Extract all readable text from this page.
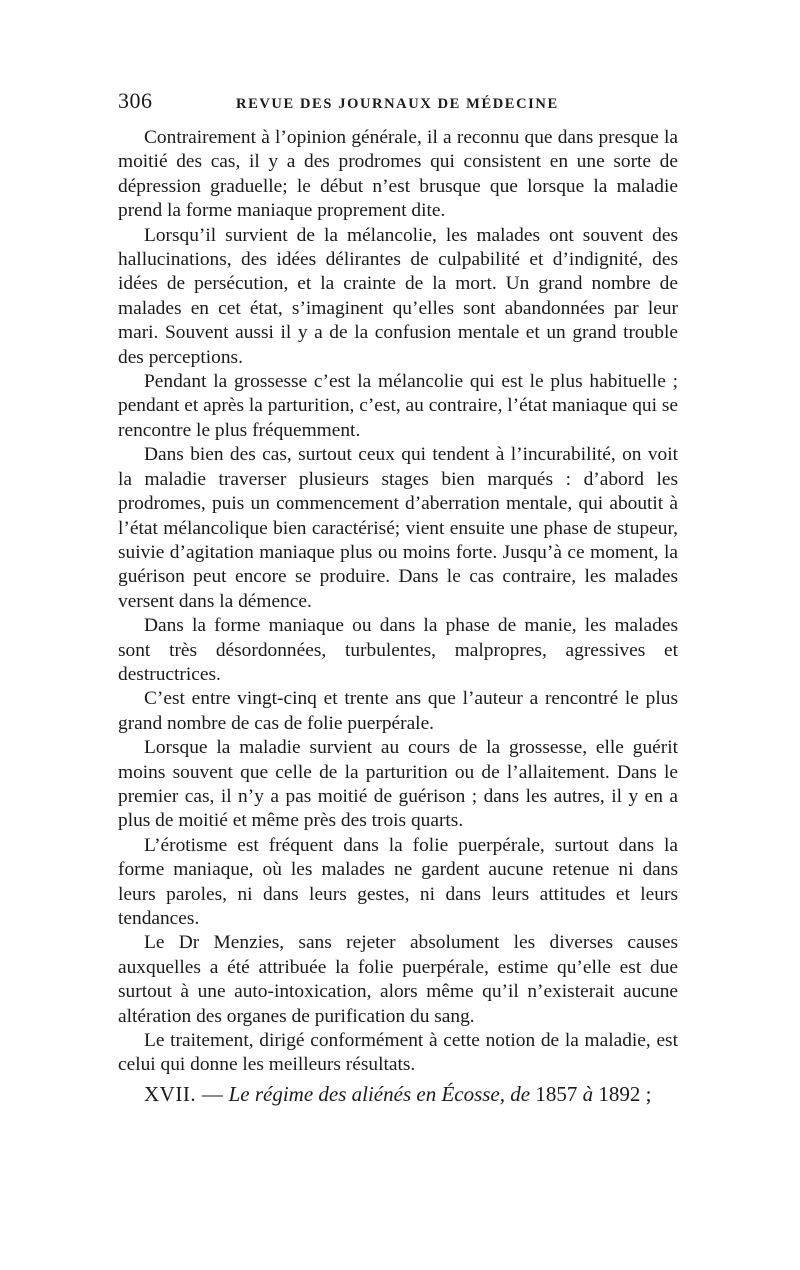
306	REVUE DES JOURNAUX DE MÉDECINE

Contrairement à l’opinion générale, il a reconnu que dans presque la moitié des cas, il y a des prodromes qui consistent en une sorte de dépression graduelle; le début n’est brusque que lorsque la maladie prend la forme maniaque proprement dite.

Lorsqu’il survient de la mélancolie, les malades ont souvent des hallucinations, des idées délirantes de culpabilité et d’indignité, des idées de persécution, et la crainte de la mort. Un grand nombre de malades en cet état, s’imaginent qu’elles sont abandonnées par leur mari. Souvent aussi il y a de la confusion mentale et un grand trouble des perceptions.

Pendant la grossesse c’est la mélancolie qui est le plus habituelle ; pendant et après la parturition, c’est, au contraire, l’état maniaque qui se rencontre le plus fréquemment.

Dans bien des cas, surtout ceux qui tendent à l’incurabilité, on voit la maladie traverser plusieurs stages bien marqués : d’abord les prodromes, puis un commencement d’aberration mentale, qui aboutit à l’état mélancolique bien caractérisé; vient ensuite une phase de stupeur, suivie d’agitation maniaque plus ou moins forte. Jusqu’à ce moment, la guérison peut encore se produire. Dans le cas contraire, les malades versent dans la démence.

Dans la forme maniaque ou dans la phase de manie, les malades sont très désordonnées, turbulentes, malpropres, agressives et destructrices.

C’est entre vingt-cinq et trente ans que l’auteur a rencontré le plus grand nombre de cas de folie puerpérale.

Lorsque la maladie survient au cours de la grossesse, elle guérit moins souvent que celle de la parturition ou de l’allaitement. Dans le premier cas, il n’y a pas moitié de guérison ; dans les autres, il y en a plus de moitié et même près des trois quarts.

L’érotisme est fréquent dans la folie puerpérale, surtout dans la forme maniaque, où les malades ne gardent aucune retenue ni dans leurs paroles, ni dans leurs gestes, ni dans leurs attitudes et leurs tendances.

Le Dr Menzies, sans rejeter absolument les diverses causes auxquelles a été attribuée la folie puerpérale, estime qu’elle est due surtout à une auto-intoxication, alors même qu’il n’existerait aucune altération des organes de purification du sang.

Le traitement, dirigé conformément à cette notion de la maladie, est celui qui donne les meilleurs résultats.

XVII. — Le régime des aliénés en Écosse, de 1857 à 1892 ;
